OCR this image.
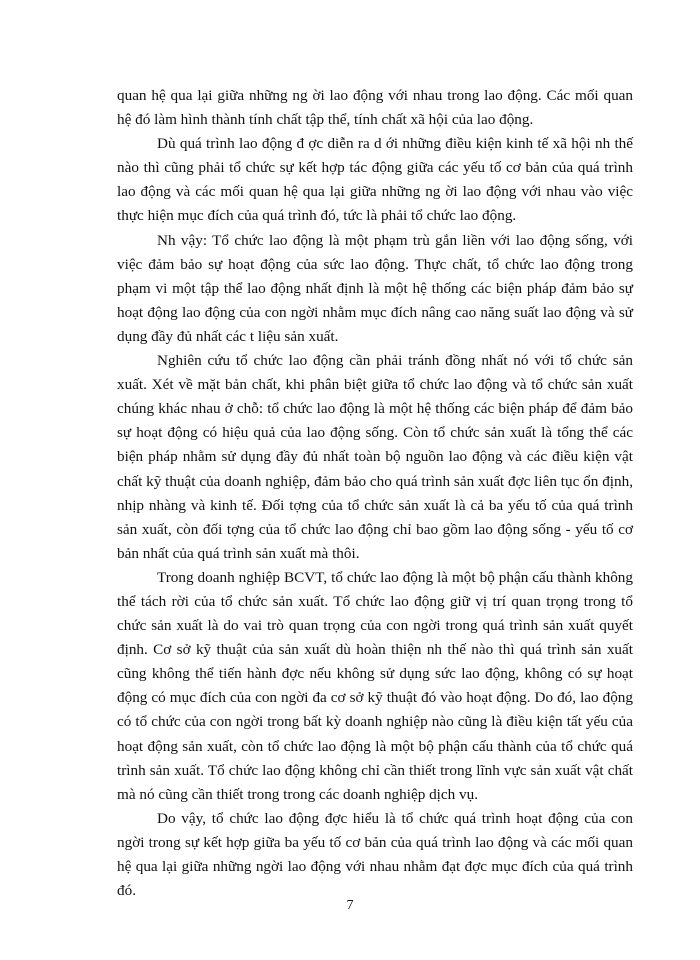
quan hệ qua lại giữa những ng ời lao động với nhau trong lao động. Các mối quan hệ đó làm hình thành tính chất tập thể, tính chất xã hội của lao động.

Dù quá trình lao động đ ợc diễn ra d ới những điều kiện kinh tế xã hội nh thế nào thì cũng phải tổ chức sự kết hợp tác động giữa các yếu tố cơ bản của quá trình lao động và các mối quan hệ qua lại giữa những ng ời lao động với nhau vào việc thực hiện mục đích của quá trình đó, tức là phải tổ chức lao động.

Nh vậy: Tổ chức lao động là một phạm trù gắn liền với lao động sống, với việc đảm bảo sự hoạt động của sức lao động. Thực chất, tổ chức lao động trong phạm vi một tập thể lao động nhất định là một hệ thống các biện pháp đảm bảo sự hoạt động lao động của con ngời nhằm mục đích nâng cao năng suất lao động và sử dụng đầy đủ nhất các t liệu sản xuất.

Nghiên cứu tổ chức lao động cần phải tránh đồng nhất nó với tổ chức sản xuất. Xét về mặt bản chất, khi phân biệt giữa tổ chức lao động và tổ chức sản xuất chúng khác nhau ở chỗ: tổ chức lao động là một hệ thống các biện pháp để đảm bảo sự hoạt động có hiệu quả của lao động sống. Còn tổ chức sản xuất là tổng thể các biện pháp nhằm sử dụng đầy đủ nhất toàn bộ nguồn lao động và các điều kiện vật chất kỹ thuật của doanh nghiệp, đảm bảo cho quá trình sản xuất đợc liên tục ổn định, nhịp nhàng và kinh tế. Đối tợng của tổ chức sản xuất là cả ba yếu tố của quá trình sản xuất, còn đối tợng của tổ chức lao động chỉ bao gồm lao động sống - yếu tố cơ bản nhất của quá trình sản xuất mà thôi.

Trong doanh nghiệp BCVT, tổ chức lao động là một bộ phận cấu thành không thể tách rời của tổ chức sản xuất. Tổ chức lao động giữ vị trí quan trọng trong tổ chức sản xuất là do vai trò quan trọng của con ngời trong quá trình sản xuất quyết định. Cơ sở kỹ thuật của sản xuất dù hoàn thiện nh thế nào thì quá trình sản xuất cũng không thể tiến hành đợc nếu không sử dụng sức lao động, không có sự hoạt động có mục đích của con ngời đa cơ sở kỹ thuật đó vào hoạt động. Do đó, lao động có tổ chức của con ngời trong bất kỳ doanh nghiệp nào cũng là điều kiện tất yếu của hoạt động sản xuất, còn tổ chức lao động là một bộ phận cấu thành của tổ chức quá trình sản xuất. Tổ chức lao động không chỉ cần thiết trong lĩnh vực sản xuất vật chất mà nó cũng cần thiết trong trong các doanh nghiệp dịch vụ.

Do vậy, tổ chức lao động đợc hiểu là tổ chức quá trình hoạt động của con ngời trong sự kết hợp giữa ba yếu tố cơ bản của quá trình lao động và các mối quan hệ qua lại giữa những ngời lao động với nhau nhằm đạt đợc mục đích của quá trình đó.

7
